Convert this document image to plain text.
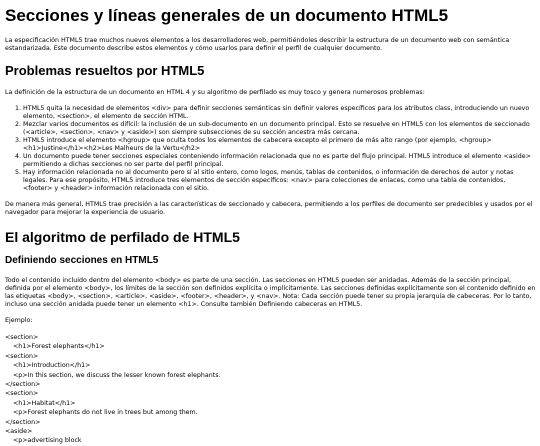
Secciones y líneas generales de un documento HTML5

La especificación HTML5 trae muchos nuevos elementos a los desarrolladores web, permitiéndoles describir la estructura de un documento web con semántica estandarizada. Este documento describe estos elementos y cómo usarlos para definir el perfil de cualquier documento.

Problemas resueltos por HTML5

La definición de la estructura de un documento en HTML 4 y su algoritmo de perfilado es muy tosco y genera numerosos problemas:

1. HTML5 quita la necesidad de elementos <div> para definir secciones semánticas sin definir valores específicos para los atributos class, introduciendo un nuevo elemento, <section>, el elemento de sección HTML.
2. Mezclar varios documentos es difícil: la inclusión de un sub-documento en un documento principal. Esto se resuelve en HTML5 con los elementos de seccionado (<article>, <section>, <nav> y <aside>) son siempre subsecciones de su sección ancestra más cercana.
3. HTML5 introduce el elemento <hgroup> que oculta todos los elementos de cabecera excepto el primero de más alto rango (por ejemplo, <hgroup><h1>Justine</h1><h2>Les Malheurs de la Vertu</h2>
4. Un documento puede tener secciones especiales conteniendo información relacionada que no es parte del flujo principal. HTML5 introduce el elemento <aside> permitiendo a dichas secciones no ser parte del perfil principal.
5. Hay información relacionada no al documento pero sí al sitio entero, como logos, menús, tablas de contenidos, o información de derechos de autor y notas legales. Para ese propósito, HTML5 introduce tres elementos de sección específicos: <nav> para colecciones de enlaces, como una tabla de contenidos, <footer> y <header> información relacionada con el sitio.

De manera más general, HTML5 trae precisión a las características de seccionado y cabecera, permitiendo a los perfiles de documento ser predecibles y usados por el navegador para mejorar la experiencia de usuario.

El algoritmo de perfilado de HTML5
Definiendo secciones en HTML5

Todo el contenido incluido dentro del elemento <body> es parte de una sección. Las secciones en HTML5 pueden ser anidadas. Además de la sección principal, definida por el elemento <body>, los límites de la sección son definidos explícita o implícitamente. Las secciones definidas explícitamente son el contenido definido en las etiquetas <body>, <section>, <article>, <aside>, <footer>, <header>, y <nav>. Nota: Cada sección puede tener su propia jerarquía de cabeceras. Por lo tanto, incluso una sección anidada puede tener un elemento <h1>. Consulte también Definiendo cabeceras en HTML5.

Ejemplo:

<section>
<h1>Forest elephants</h1>
<section>
<h1>Introduction</h1>
<p>In this section, we discuss the lesser known forest elephants.
</section>
<section>
<h1>Habitat</h1>
<p>Forest elephants do not live in trees but among them.
</section>
<aside>
<p>advertising block
